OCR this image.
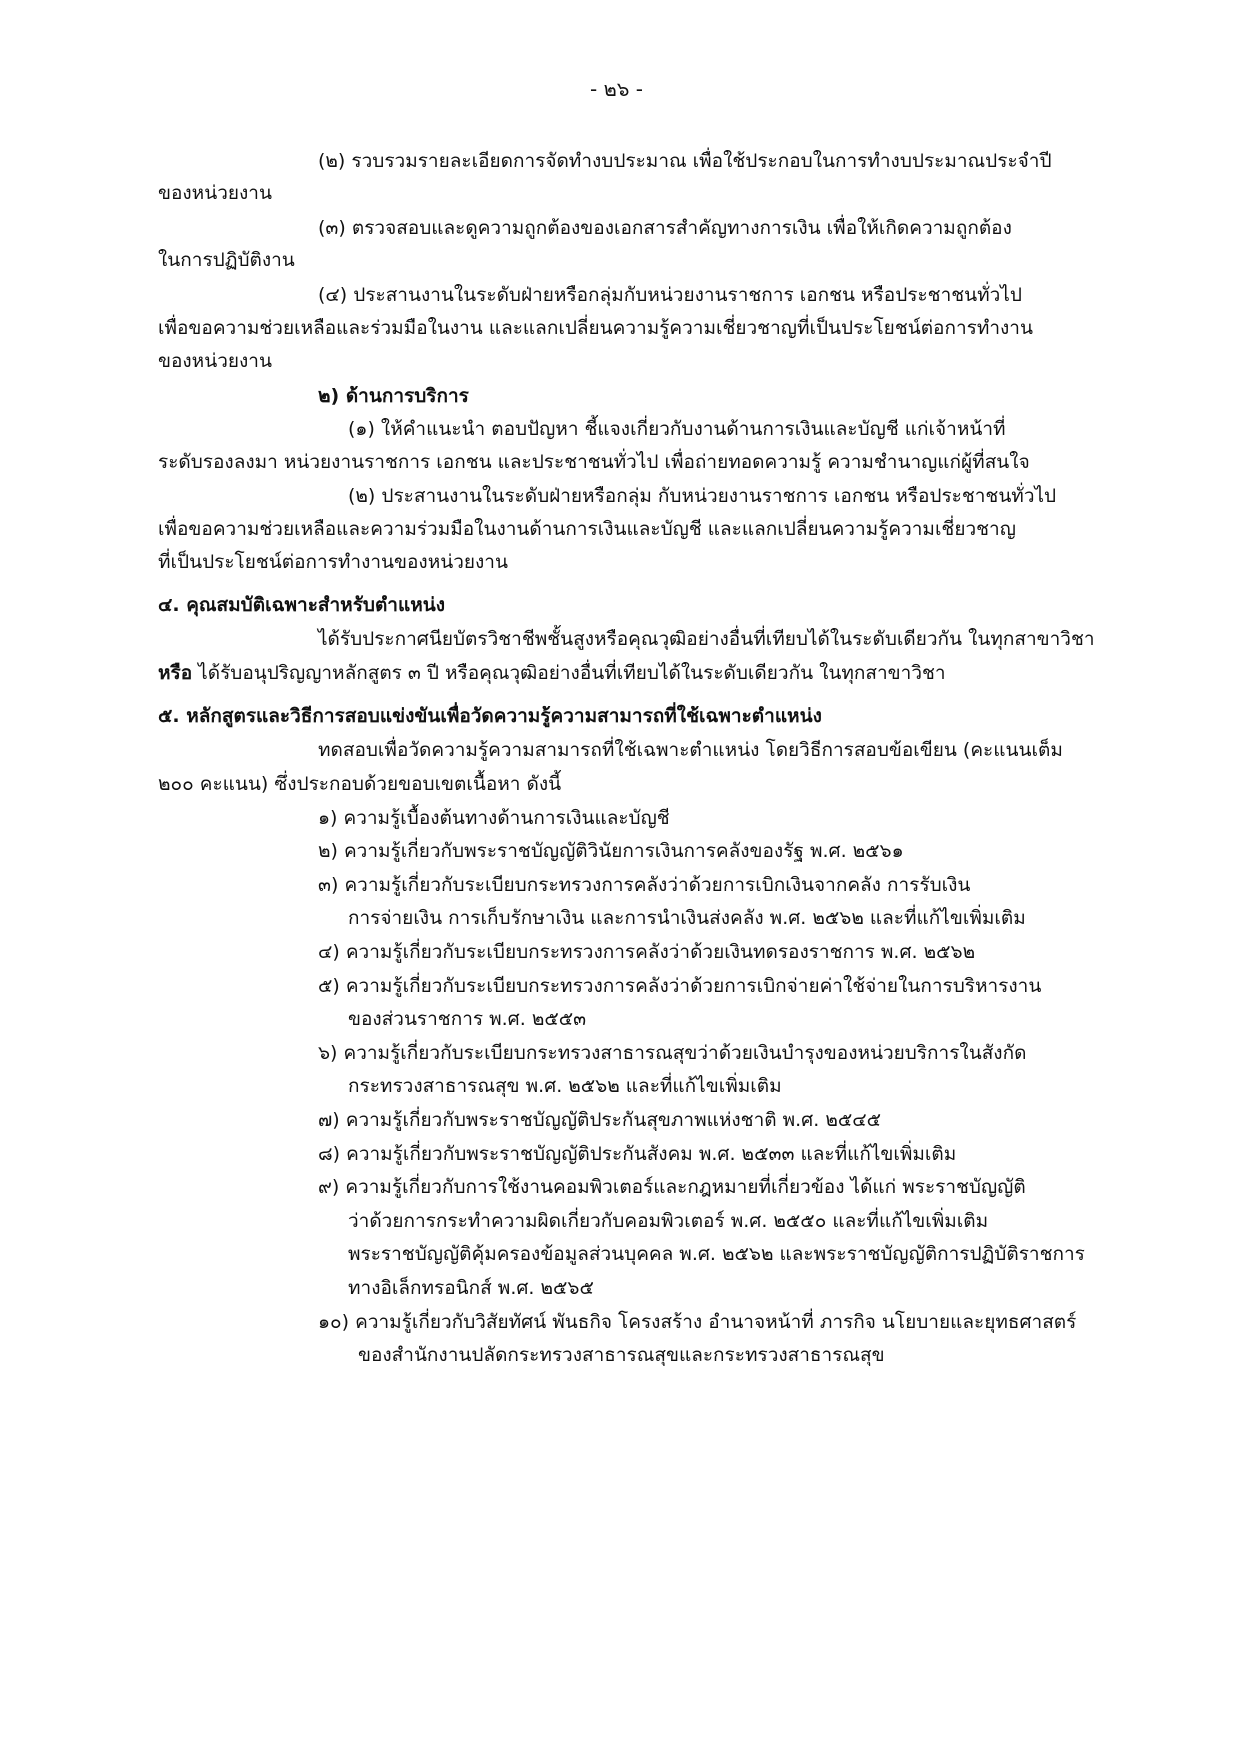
- ๒๖ -
(๒) รวบรวมรายละเอียดการจัดทำงบประมาณ เพื่อใช้ประกอบในการทำงบประมาณประจำปี
ของหน่วยงาน
(๓) ตรวจสอบและดูความถูกต้องของเอกสารสำคัญทางการเงิน เพื่อให้เกิดความถูกต้อง
ในการปฏิบัติงาน
(๔) ประสานงานในระดับฝ่ายหรือกลุ่มกับหน่วยงานราชการ เอกชน หรือประชาชนทั่วไป
เพื่อขอความช่วยเหลือและร่วมมือในงาน และแลกเปลี่ยนความรู้ความเชี่ยวชาญที่เป็นประโยชน์ต่อการทำงาน
ของหน่วยงาน
๒) ด้านการบริการ
(๑) ให้คำแนะนำ ตอบปัญหา ชี้แจงเกี่ยวกับงานด้านการเงินและบัญชี แก่เจ้าหน้าที่
ระดับรองลงมา หน่วยงานราชการ เอกชน และประชาชนทั่วไป เพื่อถ่ายทอดความรู้ ความชำนาญแก่ผู้ที่สนใจ
(๒) ประสานงานในระดับฝ่ายหรือกลุ่ม กับหน่วยงานราชการ เอกชน หรือประชาชนทั่วไป
เพื่อขอความช่วยเหลือและความร่วมมือในงานด้านการเงินและบัญชี และแลกเปลี่ยนความรู้ความเชี่ยวชาญ
ที่เป็นประโยชน์ต่อการทำงานของหน่วยงาน
๔. คุณสมบัติเฉพาะสำหรับตำแหน่ง
ได้รับประกาศนียบัตรวิชาชีพชั้นสูงหรือคุณวุฒิอย่างอื่นที่เทียบได้ในระดับเดียวกัน ในทุกสาขาวิชา
หรือ ได้รับอนุปริญญาหลักสูตร ๓ ปี หรือคุณวุฒิอย่างอื่นที่เทียบได้ในระดับเดียวกัน ในทุกสาขาวิชา
๕. หลักสูตรและวิธีการสอบแข่งขันเพื่อวัดความรู้ความสามารถที่ใช้เฉพาะตำแหน่ง
ทดสอบเพื่อวัดความรู้ความสามารถที่ใช้เฉพาะตำแหน่ง โดยวิธีการสอบข้อเขียน (คะแนนเต็ม
๒๐๐ คะแนน) ซึ่งประกอบด้วยขอบเขตเนื้อหา ดังนี้
๑) ความรู้เบื้องต้นทางด้านการเงินและบัญชี
๒) ความรู้เกี่ยวกับพระราชบัญญัติวินัยการเงินการคลังของรัฐ พ.ศ. ๒๕๖๑
๓) ความรู้เกี่ยวกับระเบียบกระทรวงการคลังว่าด้วยการเบิกเงินจากคลัง การรับเงิน
การจ่ายเงิน การเก็บรักษาเงิน และการนำเงินส่งคลัง พ.ศ. ๒๕๖๒ และที่แก้ไขเพิ่มเติม
๔) ความรู้เกี่ยวกับระเบียบกระทรวงการคลังว่าด้วยเงินทดรองราชการ พ.ศ. ๒๕๖๒
๕) ความรู้เกี่ยวกับระเบียบกระทรวงการคลังว่าด้วยการเบิกจ่ายค่าใช้จ่ายในการบริหารงาน
ของส่วนราชการ พ.ศ. ๒๕๕๓
๖) ความรู้เกี่ยวกับระเบียบกระทรวงสาธารณสุขว่าด้วยเงินบำรุงของหน่วยบริการในสังกัด
กระทรวงสาธารณสุข พ.ศ. ๒๕๖๒ และที่แก้ไขเพิ่มเติม
๗) ความรู้เกี่ยวกับพระราชบัญญัติประกันสุขภาพแห่งชาติ พ.ศ. ๒๕๔๕
๘) ความรู้เกี่ยวกับพระราชบัญญัติประกันสังคม พ.ศ. ๒๕๓๓ และที่แก้ไขเพิ่มเติม
๙) ความรู้เกี่ยวกับการใช้งานคอมพิวเตอร์และกฎหมายที่เกี่ยวข้อง ได้แก่ พระราชบัญญัติ
ว่าด้วยการกระทำความผิดเกี่ยวกับคอมพิวเตอร์ พ.ศ. ๒๕๕๐ และที่แก้ไขเพิ่มเติม
พระราชบัญญัติคุ้มครองข้อมูลส่วนบุคคล พ.ศ. ๒๕๖๒ และพระราชบัญญัติการปฏิบัติราชการ
ทางอิเล็กทรอนิกส์ พ.ศ. ๒๕๖๕
๑๐) ความรู้เกี่ยวกับวิสัยทัศน์ พันธกิจ โครงสร้าง อำนาจหน้าที่ ภารกิจ นโยบายและยุทธศาสตร์
ของสำนักงานปลัดกระทรวงสาธารณสุขและกระทรวงสาธารณสุข
